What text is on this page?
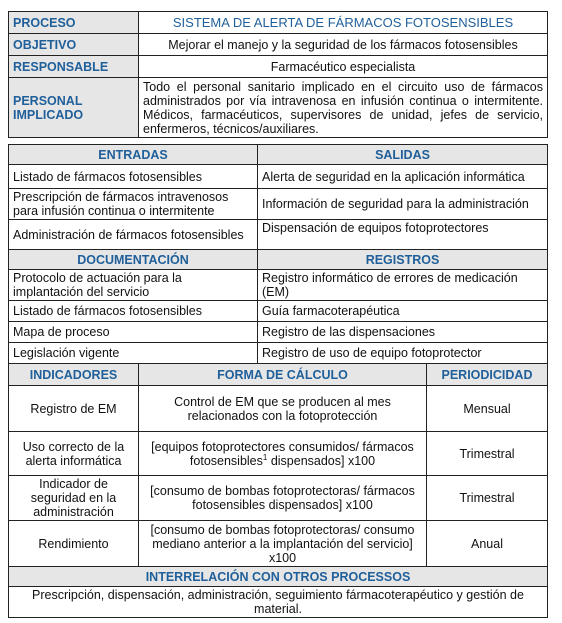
PROCESO	SISTEMA DE ALERTA DE FÁRMACOS FOTOSENSIBLES		
OBJETIVO	Mejorar el manejo y la seguridad de los fármacos fotosensibles		
RESPONSABLE	Farmacéutico especialista		

PERSONAL
IMPLICADO	Todo el personal sanitario implicado en el circuito uso de fármacos administrados por vía intravenosa en infusión continua o intermitente. Médicos, farmacéuticos, supervisores de unidad, jefes de servicio, enfermeros, técnicos/auxiliares.		

ENTRADAS		SALIDAS	
Listado de fármacos fotosensibles		Alerta de seguridad en la aplicación informática	
Prescripción de fármacos intravenosos para infusión continua o intermitente		Información de seguridad para la administración	
Administración de fármacos fotosensibles		Dispensación de equipos fotoprotectores	
DOCUMENTACIÓN		REGISTROS	
Protocolo de actuación para la implantación del servicio		Registro informático de errores de medicación (EM)	
Listado de fármacos fotosensibles		Guía farmacoterapéutica	
Mapa de proceso		Registro de las dispensaciones	
Legislación vigente		Registro de uso de equipo fotoprotector	
INDICADORES	FORMA DE CÁLCULO		PERIODICIDAD
Registro de EM	Control de EM que se producen al mes relacionados con la fotoprotección		Mensual
Uso correcto de la alerta informática	[equipos fotoprotectores consumidos/ fármacos fotosensibles$^1$ dispensados] x100		Trimestral
Indicador de seguridad en la administración	[consumo de bombas fotoprotectoras/ fármacos fotosensibles dispensados] x100		Trimestral
Rendimiento	[consumo de bombas fotoprotectoras/ consumo mediano anterior a la implantación del servicio] x100		Anual
INTERRELACIÓN CON OTROS PROCESSOS			
Prescripción, dispensación, administración, seguimiento fármacoterapéutico y gestión de material.			
